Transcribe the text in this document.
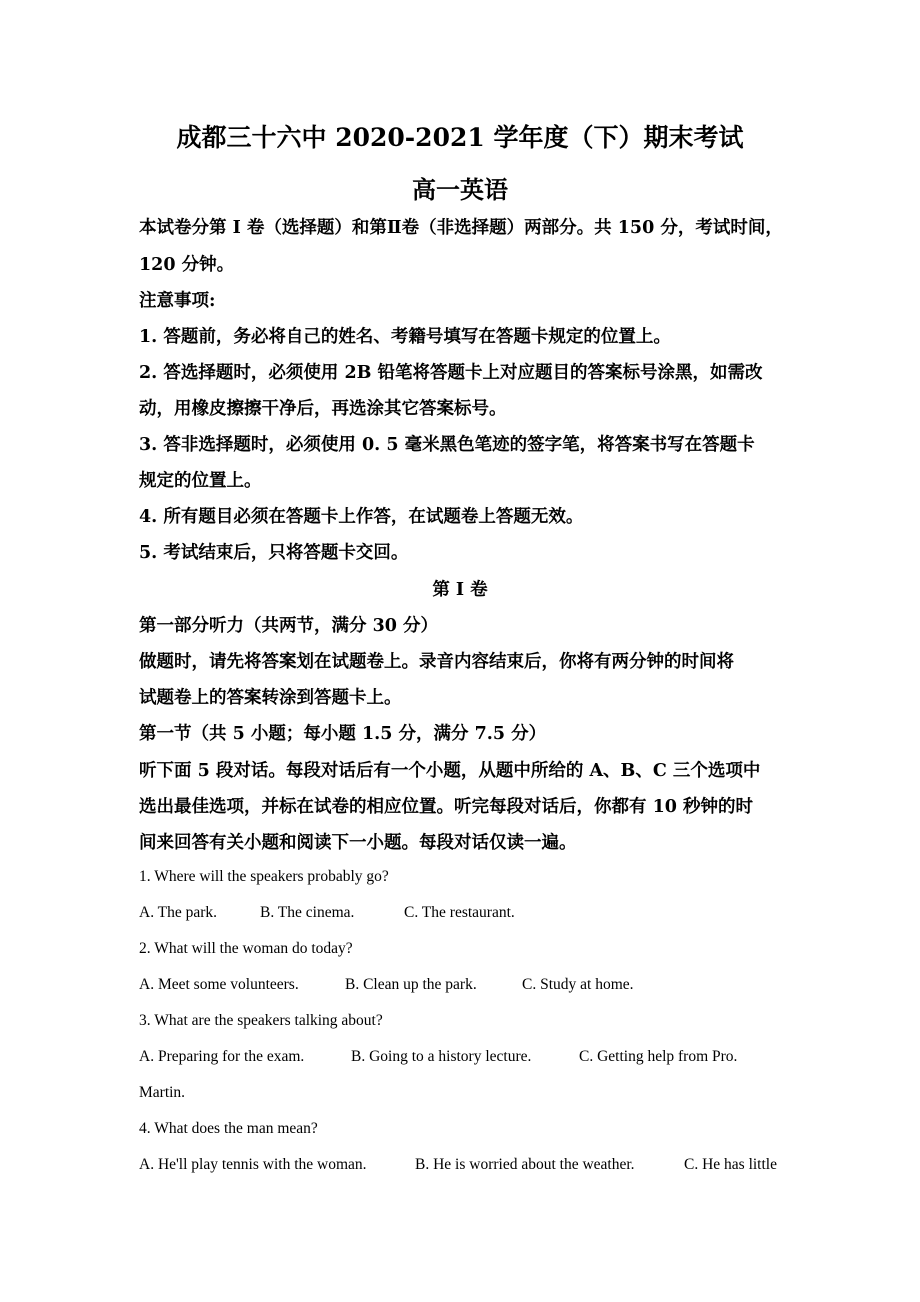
成都三十六中 2020-2021 学年度（下）期末考试
高一英语
本试卷分第 I 卷（选择题）和第Ⅱ卷（非选择题）两部分。共 150 分，考试时间，
120 分钟。
注意事项:
1. 答题前，务必将自己的姓名、考籍号填写在答题卡规定的位置上。
2. 答选择题时，必须使用 2B 铅笔将答题卡上对应题目的答案标号涂黑，如需改
动，用橡皮擦擦干净后，再选涂其它答案标号。
3. 答非选择题时，必须使用 0. 5 毫米黑色笔迹的签字笔，将答案书写在答题卡
规定的位置上。
4. 所有题目必须在答题卡上作答，在试题卷上答题无效。
5. 考试结束后，只将答题卡交回。
第 I 卷
第一部分听力（共两节，满分 30 分）
做题时，请先将答案划在试题卷上。录音内容结束后，你将有两分钟的时间将
试题卷上的答案转涂到答题卡上。
第一节（共 5 小题；每小题 1.5 分，满分 7.5 分）
听下面 5 段对话。每段对话后有一个小题，从题中所给的 A、B、C 三个选项中
选出最佳选项，并标在试卷的相应位置。听完每段对话后，你都有 10 秒钟的时
间来回答有关小题和阅读下一小题。每段对话仅读一遍。
1. Where will the speakers probably go?
A. The park.	B. The cinema.	C. The restaurant.
2. What will the woman do today?
A. Meet some volunteers.	B. Clean up the park.	C. Study at home.
3. What are the speakers talking about?
A. Preparing for the exam.	B. Going to a history lecture.	C. Getting help from Pro.
Martin.
4. What does the man mean?
A. He'll play tennis with the woman.	B. He is worried about the weather.	C. He has little
